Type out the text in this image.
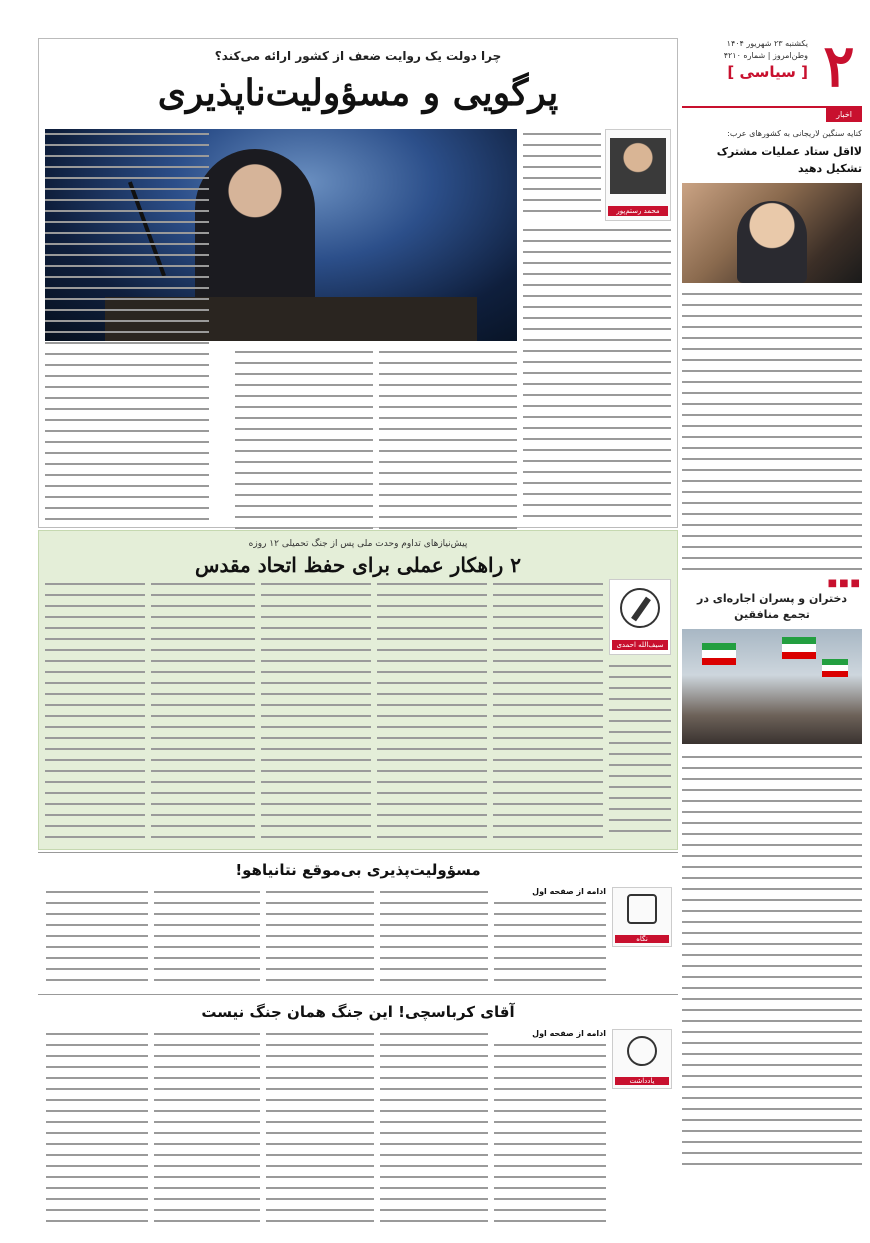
۲
یکشنبه ۲۳ شهریور ۱۴۰۴
وطن‌امروز | شماره ۴۲۱۰
[ سیاسی ]
اخبار
کنایه سنگین لاریجانی به کشورهای عرب:
لااقل ستاد عملیات مشترک تشکیل دهید
■■■
دختران و پسران اجاره‌ای در تجمع منافقین
چرا دولت یک روایت ضعف از کشور ارائه می‌کند؟
پرگویی و مسؤولیت‌ناپذیری
محمد رستم‌پور
پیش‌نیازهای تداوم وحدت ملی پس از جنگ تحمیلی ۱۲ روزه
۲ راهکار عملی برای حفظ اتحاد مقدس
سیف‌الله احمدی
مسؤولیت‌پذیری بی‌موقع نتانیاهو!
نگاه
ادامه از صفحه اول
آقای کرباسچی! این جنگ همان جنگ نیست
یادداشت
ادامه از صفحه اول
